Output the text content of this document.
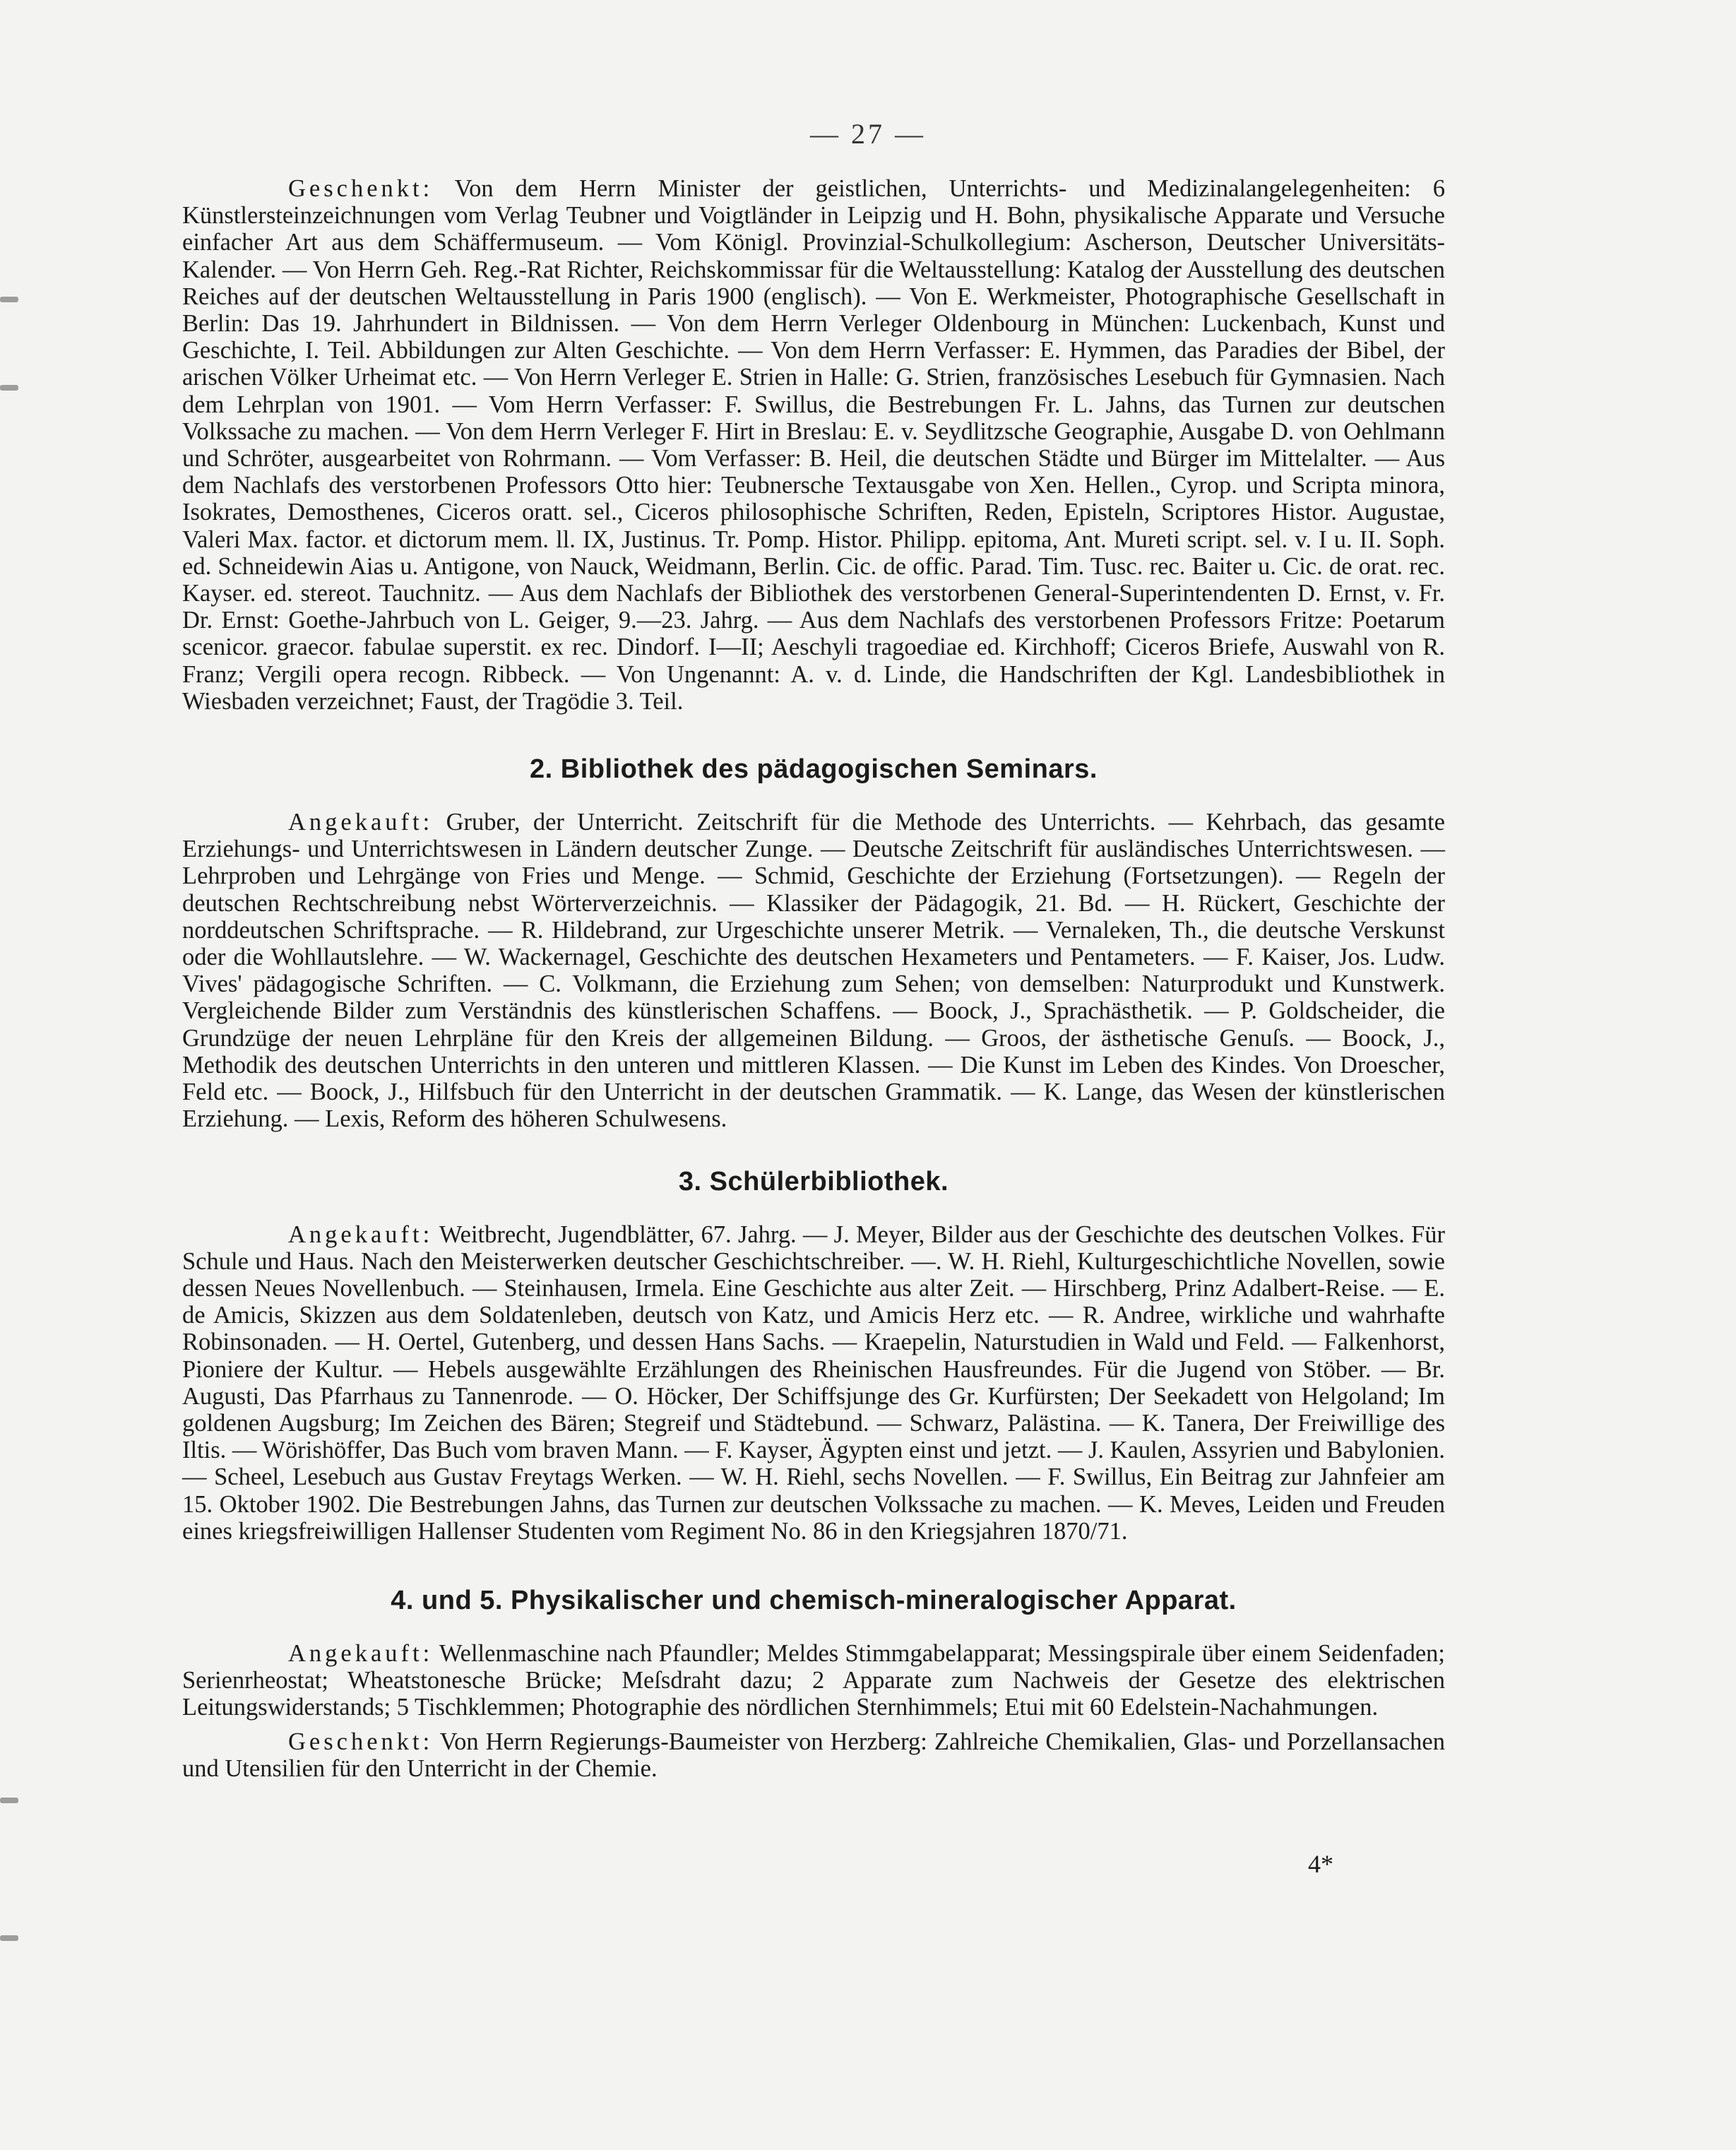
— 27 —

Geschenkt: Von dem Herrn Minister der geistlichen, Unterrichts- und Medizinalangelegenheiten: 6 Künstlersteinzeichnungen vom Verlag Teubner und Voigtländer in Leipzig und H. Bohn, physikalische Apparate und Versuche einfacher Art aus dem Schäffermuseum. — Vom Königl. Provinzial-Schulkollegium: Ascherson, Deutscher Universitäts-Kalender. — Von Herrn Geh. Reg.-Rat Richter, Reichskommissar für die Weltausstellung: Katalog der Ausstellung des deutschen Reiches auf der deutschen Weltausstellung in Paris 1900 (englisch). — Von E. Werkmeister, Photographische Gesellschaft in Berlin: Das 19. Jahrhundert in Bildnissen. — Von dem Herrn Verleger Oldenbourg in München: Luckenbach, Kunst und Geschichte, I. Teil. Abbildungen zur Alten Geschichte. — Von dem Herrn Verfasser: E. Hymmen, das Paradies der Bibel, der arischen Völker Urheimat etc. — Von Herrn Verleger E. Strien in Halle: G. Strien, französisches Lesebuch für Gymnasien. Nach dem Lehrplan von 1901. — Vom Herrn Verfasser: F. Swillus, die Bestrebungen Fr. L. Jahns, das Turnen zur deutschen Volkssache zu machen. — Von dem Herrn Verleger F. Hirt in Breslau: E. v. Seydlitzsche Geographie, Ausgabe D. von Oehlmann und Schröter, ausgearbeitet von Rohrmann. — Vom Verfasser: B. Heil, die deutschen Städte und Bürger im Mittelalter. — Aus dem Nachlafs des verstorbenen Professors Otto hier: Teubnersche Textausgabe von Xen. Hellen., Cyrop. und Scripta minora, Isokrates, Demosthenes, Ciceros oratt. sel., Ciceros philosophische Schriften, Reden, Episteln, Scriptores Histor. Augustae, Valeri Max. factor. et dictorum mem. ll. IX, Justinus. Tr. Pomp. Histor. Philipp. epitoma, Ant. Mureti script. sel. v. I u. II. Soph. ed. Schneidewin Aias u. Antigone, von Nauck, Weidmann, Berlin. Cic. de offic. Parad. Tim. Tusc. rec. Baiter u. Cic. de orat. rec. Kayser. ed. stereot. Tauchnitz. — Aus dem Nachlafs der Bibliothek des verstorbenen General-Superintendenten D. Ernst, v. Fr. Dr. Ernst: Goethe-Jahrbuch von L. Geiger, 9.—23. Jahrg. — Aus dem Nachlafs des verstorbenen Professors Fritze: Poetarum scenicor. graecor. fabulae superstit. ex rec. Dindorf. I—II; Aeschyli tragoediae ed. Kirchhoff; Ciceros Briefe, Auswahl von R. Franz; Vergili opera recogn. Ribbeck. — Von Ungenannt: A. v. d. Linde, die Handschriften der Kgl. Landesbibliothek in Wiesbaden verzeichnet; Faust, der Tragödie 3. Teil.

2. Bibliothek des pädagogischen Seminars.

Angekauft: Gruber, der Unterricht. Zeitschrift für die Methode des Unterrichts. — Kehrbach, das gesamte Erziehungs- und Unterrichtswesen in Ländern deutscher Zunge. — Deutsche Zeitschrift für ausländisches Unterrichtswesen. — Lehrproben und Lehrgänge von Fries und Menge. — Schmid, Geschichte der Erziehung (Fortsetzungen). — Regeln der deutschen Rechtschreibung nebst Wörterverzeichnis. — Klassiker der Pädagogik, 21. Bd. — H. Rückert, Geschichte der norddeutschen Schriftsprache. — R. Hildebrand, zur Urgeschichte unserer Metrik. — Vernaleken, Th., die deutsche Verskunst oder die Wohllautslehre. — W. Wackernagel, Geschichte des deutschen Hexameters und Pentameters. — F. Kaiser, Jos. Ludw. Vives' pädagogische Schriften. — C. Volkmann, die Erziehung zum Sehen; von demselben: Naturprodukt und Kunstwerk. Vergleichende Bilder zum Verständnis des künstlerischen Schaffens. — Boock, J., Sprachästhetik. — P. Goldscheider, die Grundzüge der neuen Lehrpläne für den Kreis der allgemeinen Bildung. — Groos, der ästhetische Genuſs. — Boock, J., Methodik des deutschen Unterrichts in den unteren und mittleren Klassen. — Die Kunst im Leben des Kindes. Von Droescher, Feld etc. — Boock, J., Hilfsbuch für den Unterricht in der deutschen Grammatik. — K. Lange, das Wesen der künstlerischen Erziehung. — Lexis, Reform des höheren Schulwesens.

3. Schülerbibliothek.

Angekauft: Weitbrecht, Jugendblätter, 67. Jahrg. — J. Meyer, Bilder aus der Geschichte des deutschen Volkes. Für Schule und Haus. Nach den Meisterwerken deutscher Geschichtschreiber. —. W. H. Riehl, Kulturgeschichtliche Novellen, sowie dessen Neues Novellenbuch. — Steinhausen, Irmela. Eine Geschichte aus alter Zeit. — Hirschberg, Prinz Adalbert-Reise. — E. de Amicis, Skizzen aus dem Soldatenleben, deutsch von Katz, und Amicis Herz etc. — R. Andree, wirkliche und wahrhafte Robinsonaden. — H. Oertel, Gutenberg, und dessen Hans Sachs. — Kraepelin, Naturstudien in Wald und Feld. — Falkenhorst, Pioniere der Kultur. — Hebels ausgewählte Erzählungen des Rheinischen Hausfreundes. Für die Jugend von Stöber. — Br. Augusti, Das Pfarrhaus zu Tannenrode. — O. Höcker, Der Schiffsjunge des Gr. Kurfürsten; Der Seekadett von Helgoland; Im goldenen Augsburg; Im Zeichen des Bären; Stegreif und Städtebund. — Schwarz, Palästina. — K. Tanera, Der Freiwillige des Iltis. — Wörishöffer, Das Buch vom braven Mann. — F. Kayser, Ägypten einst und jetzt. — J. Kaulen, Assyrien und Babylonien. — Scheel, Lesebuch aus Gustav Freytags Werken. — W. H. Riehl, sechs Novellen. — F. Swillus, Ein Beitrag zur Jahnfeier am 15. Oktober 1902. Die Bestrebungen Jahns, das Turnen zur deutschen Volkssache zu machen. — K. Meves, Leiden und Freuden eines kriegsfreiwilligen Hallenser Studenten vom Regiment No. 86 in den Kriegsjahren 1870/71.

4. und 5. Physikalischer und chemisch-mineralogischer Apparat.

Angekauft: Wellenmaschine nach Pfaundler; Meldes Stimmgabelapparat; Messingspirale über einem Seidenfaden; Serienrheostat; Wheatstonesche Brücke; Meſsdraht dazu; 2 Apparate zum Nachweis der Gesetze des elektrischen Leitungswiderstands; 5 Tischklemmen; Photographie des nördlichen Sternhimmels; Etui mit 60 Edelstein-Nachahmungen.

Geschenkt: Von Herrn Regierungs-Baumeister von Herzberg: Zahlreiche Chemikalien, Glas- und Porzellansachen und Utensilien für den Unterricht in der Chemie.

4*
